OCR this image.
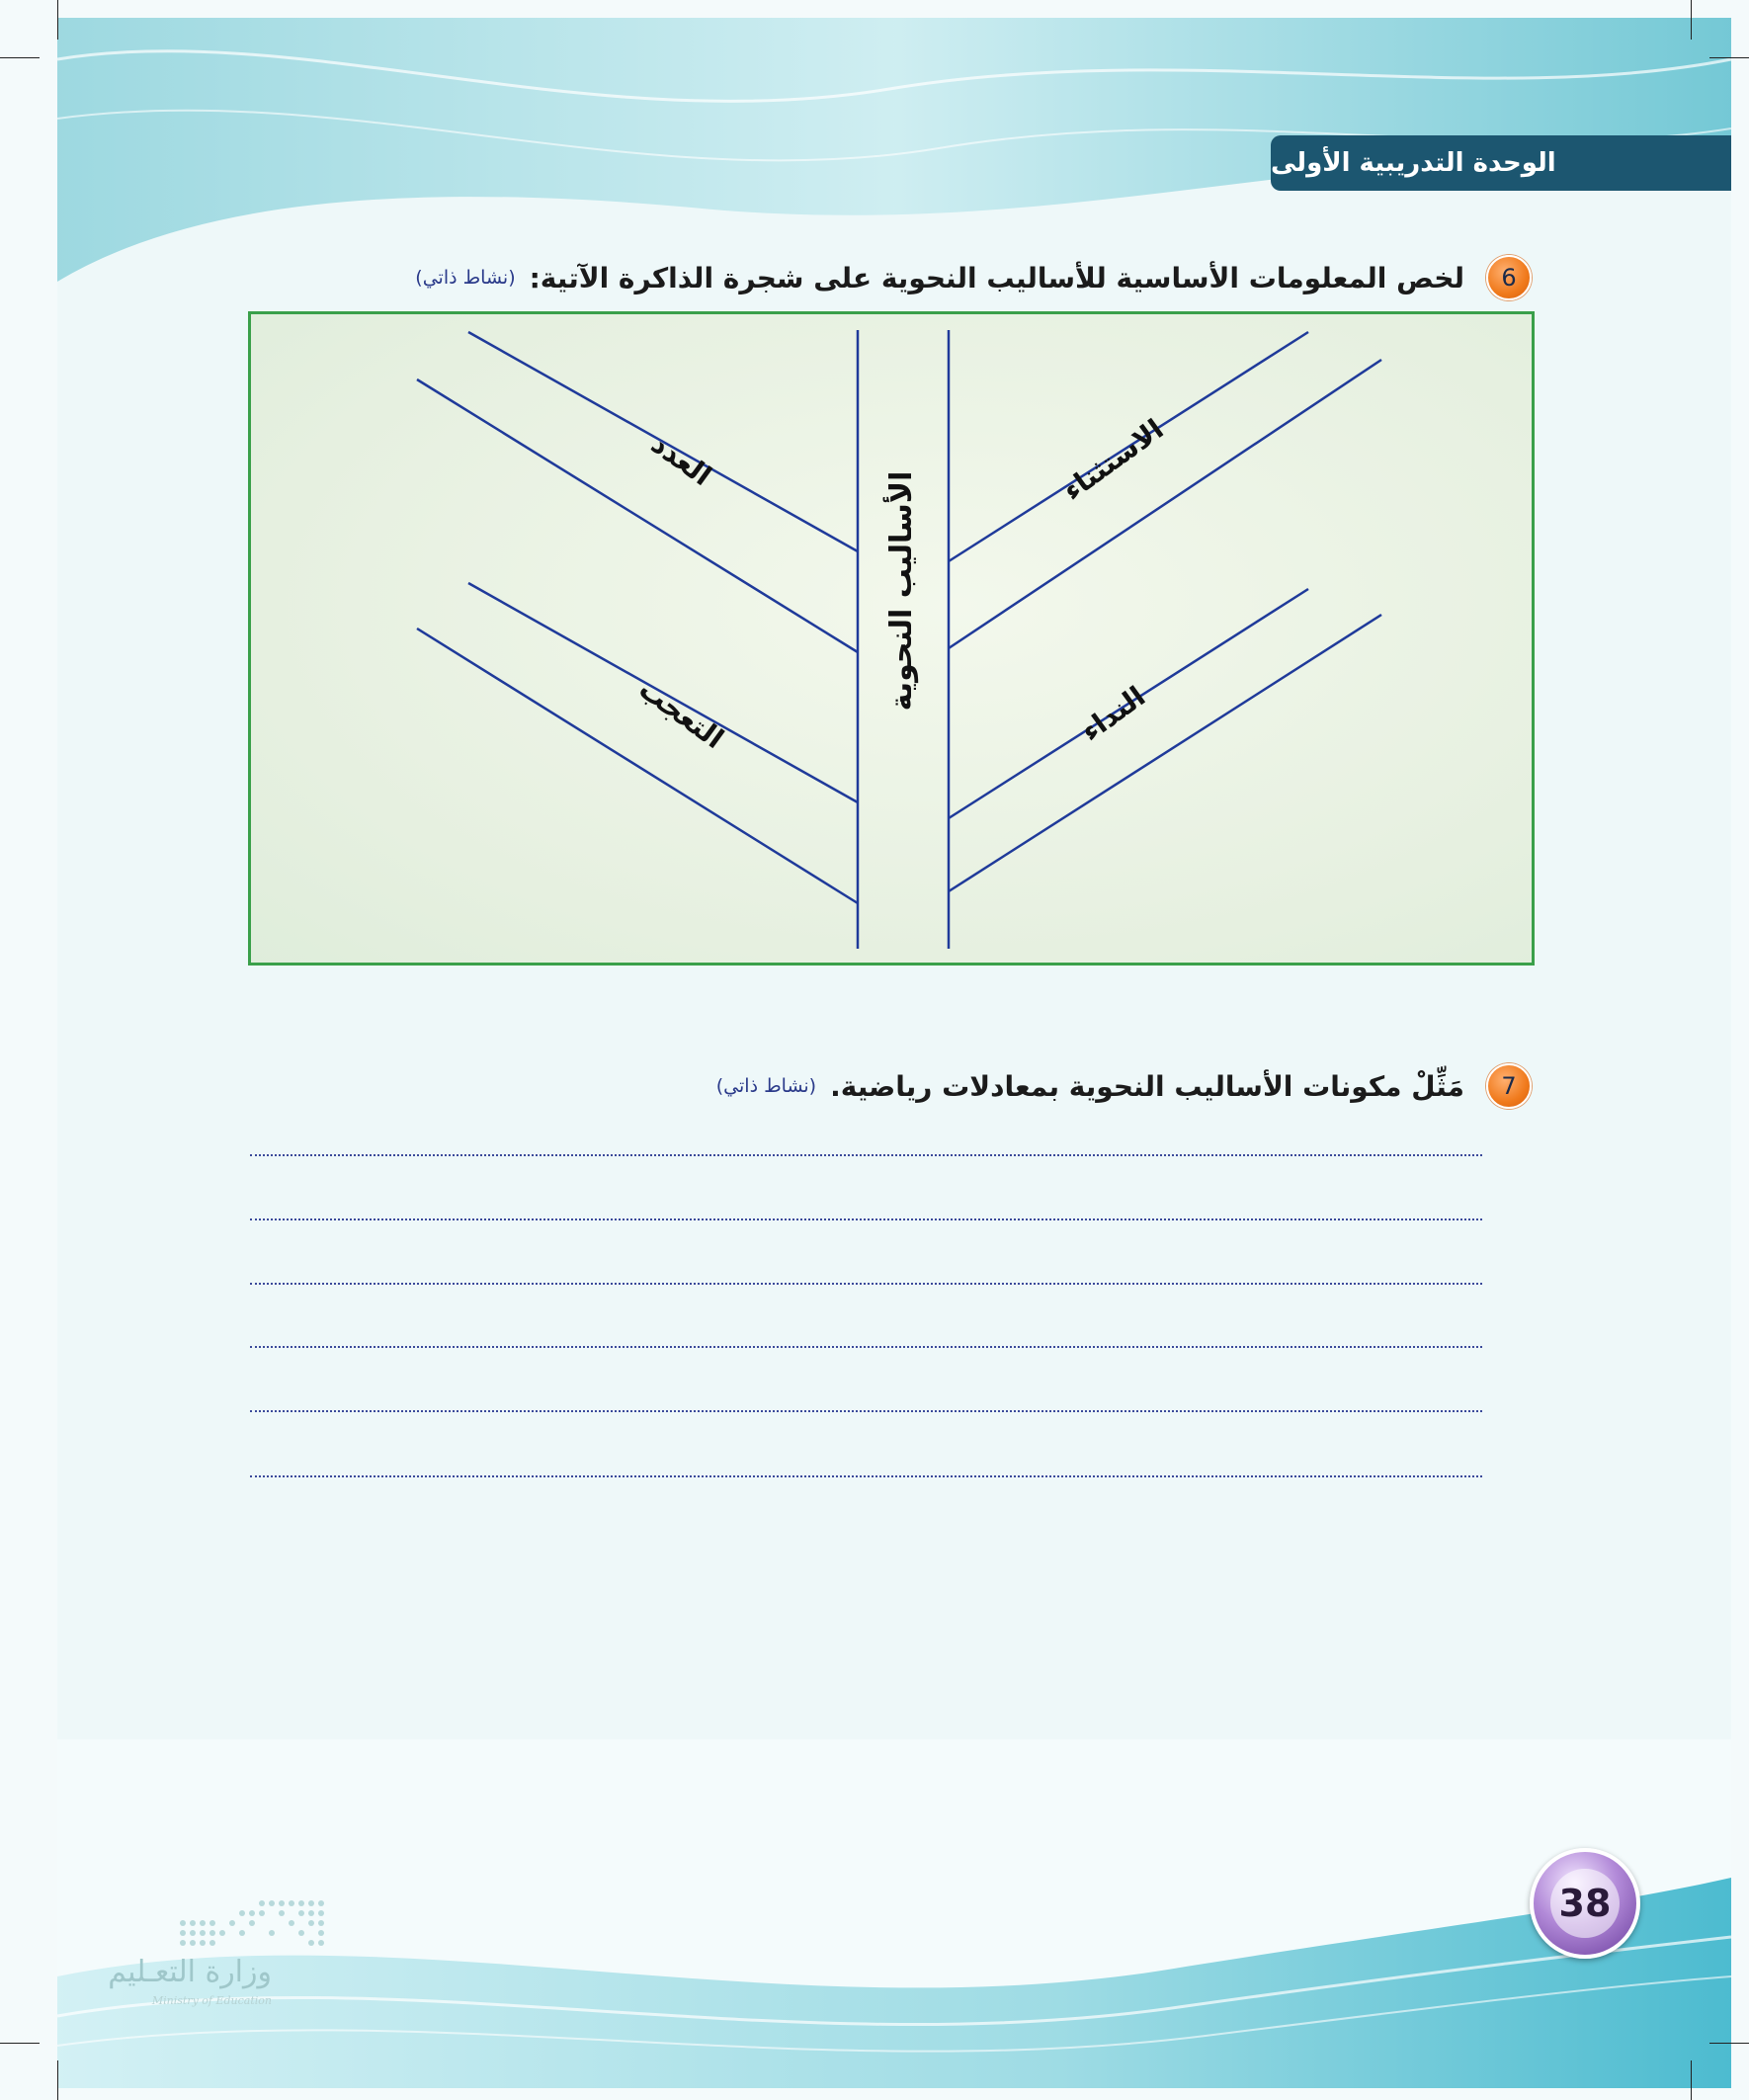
الوحدة التدريبية الأولى
6
لخص المعلومات الأساسية للأساليب النحوية على شجرة الذاكرة الآتية:
(نشاط ذاتي)
العدد
التعجب
الاستثناء
النداء
الأساليب النحوية
7
مَثِّلْ مكونات الأساليب النحوية بمعادلات رياضية.
(نشاط ذاتي)
38
وزارة التعـليم
Ministry of Education
